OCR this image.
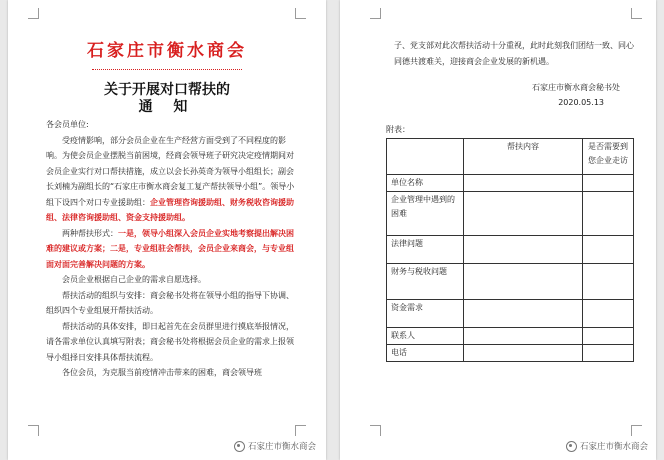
石家庄市衡水商会
关于开展对口帮扶的
通 知

各会员单位:

受疫情影响，部分会员企业在生产经营方面受到了不同程度的影响。为使会员企业摆脱当前困境，经商会领导班子研究决定疫情期间对会员企业实行对口帮扶措施，成立以会长孙英奇为领导小组组长；副会长刘楠为副组长的“石家庄市衡水商会复工复产帮扶领导小组”。领导小组下设四个对口专业援助组：企业管理咨询援助组、财务税收咨询援助组、法律咨询援助组、资金支持援助组。

两种帮扶形式：一是，领导小组深入会员企业实地考察提出解决困难的建议或方案；二是，专业组驻会帮扶，会员企业来商会，与专业组面对面完善解决问题的方案。

会员企业根据自己企业的需求自愿选择。

帮扶活动的组织与安排：商会秘书处将在领导小组的指导下协调、组织四个专业组展开帮扶活动。

帮扶活动的具体安排，即日起首先在会员群里进行摸底举报情况，请各需求单位认真填写附表；商会秘书处将根据会员企业的需求上报领导小组择日安排具体帮扶流程。

各位会员，为克服当前疫情冲击带来的困难，商会领导班

石家庄市衡水商会

子、党支部对此次帮扶活动十分重视，此时此刻我们团结一致、同心同德共渡难关，迎接商会企业发展的新机遇。

石家庄市衡水商会秘书处
2020.05.13
附表：
	帮扶内容	是否需要到您企业走访
单位名称		
企业管理中遇到的困难		
法律问题		
财务与税收问题		
资金需求		
联系人		
电话		
石家庄市衡水商会
